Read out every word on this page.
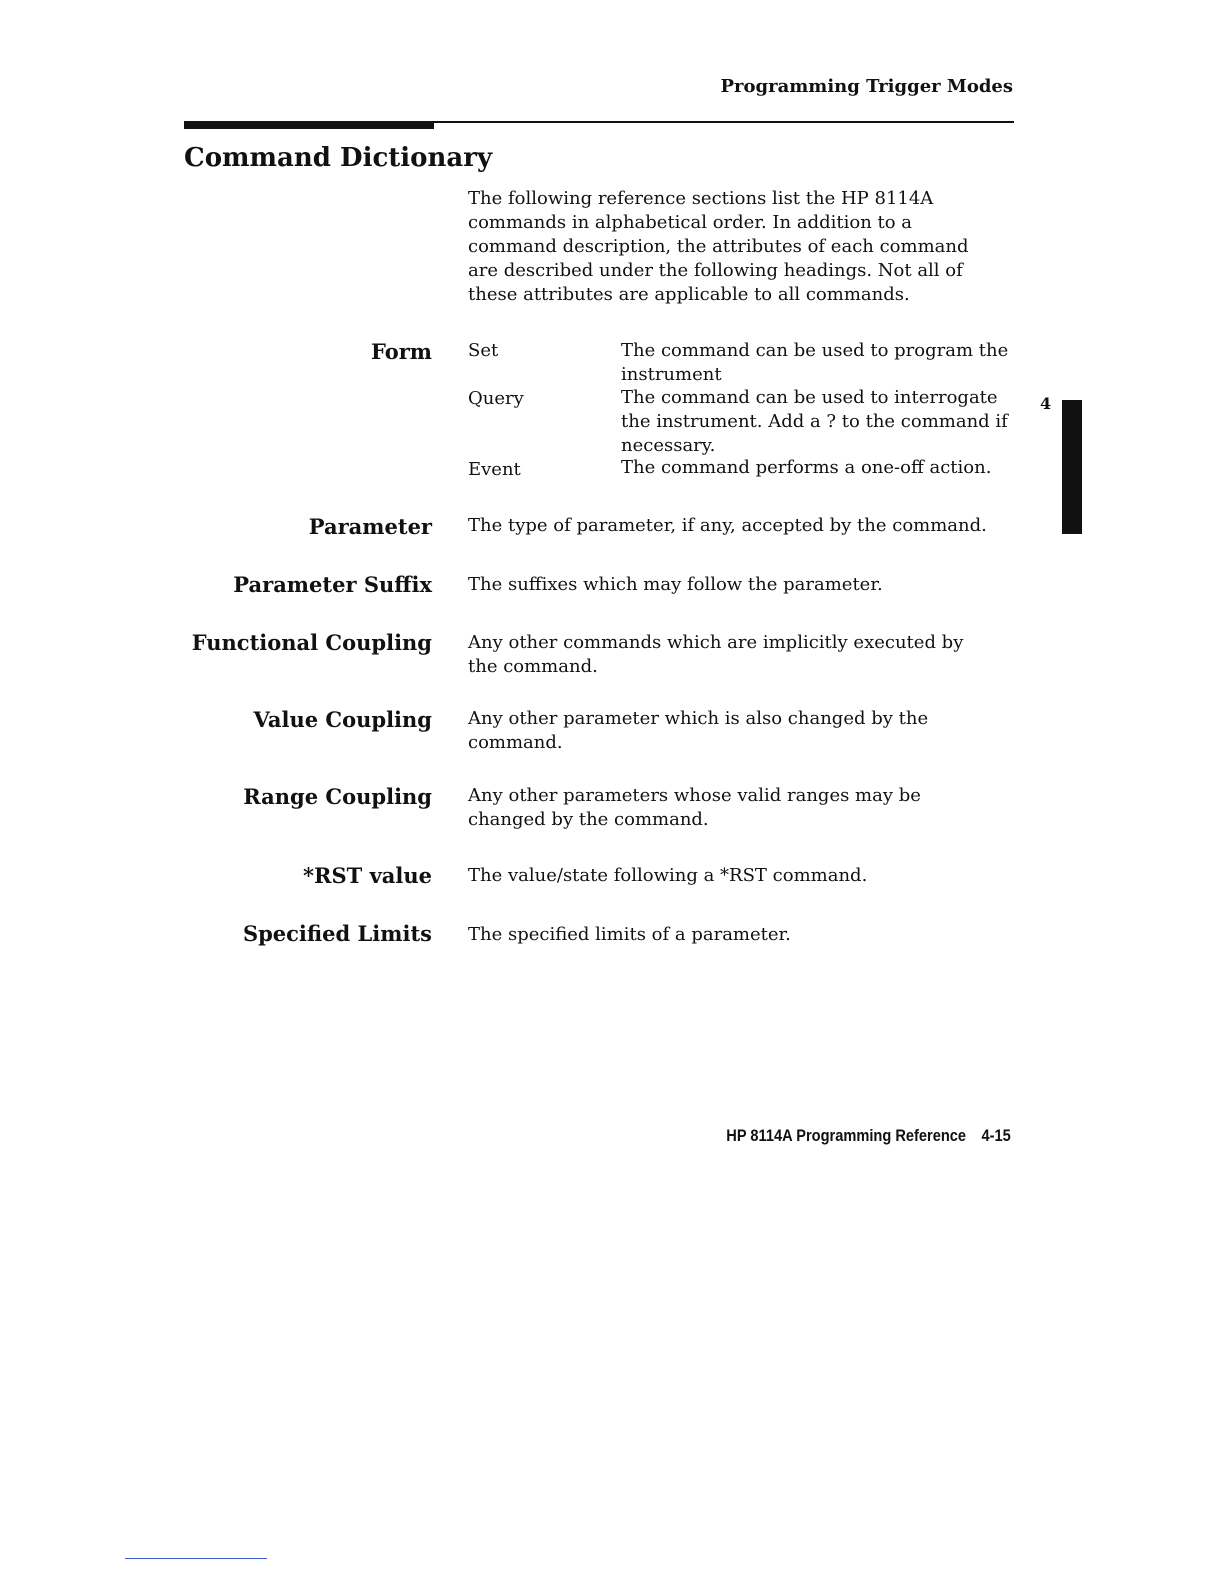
Programming Trigger Modes
Command Dictionary
The following reference sections list the HP 8114A commands in alphabetical order. In addition to a command description, the attributes of each command are described under the following headings. Not all of these attributes are applicable to all commands.
Form Set	The command can be used to program the instrument
Query	The command can be used to interrogate the instrument. Add a ? to the command if necessary.
Event	The command performs a one-off action.
Parameter The type of parameter, if any, accepted by the command.
Parameter Suffix The suffixes which may follow the parameter.
Functional Coupling Any other commands which are implicitly executed by the command.
Value Coupling Any other parameter which is also changed by the command.
Range Coupling Any other parameters whose valid ranges may be changed by the command.
*RST value The value/state following a *RST command.
Specified Limits The specified limits of a parameter.
4
HP 8114A Programming Reference 4-15
